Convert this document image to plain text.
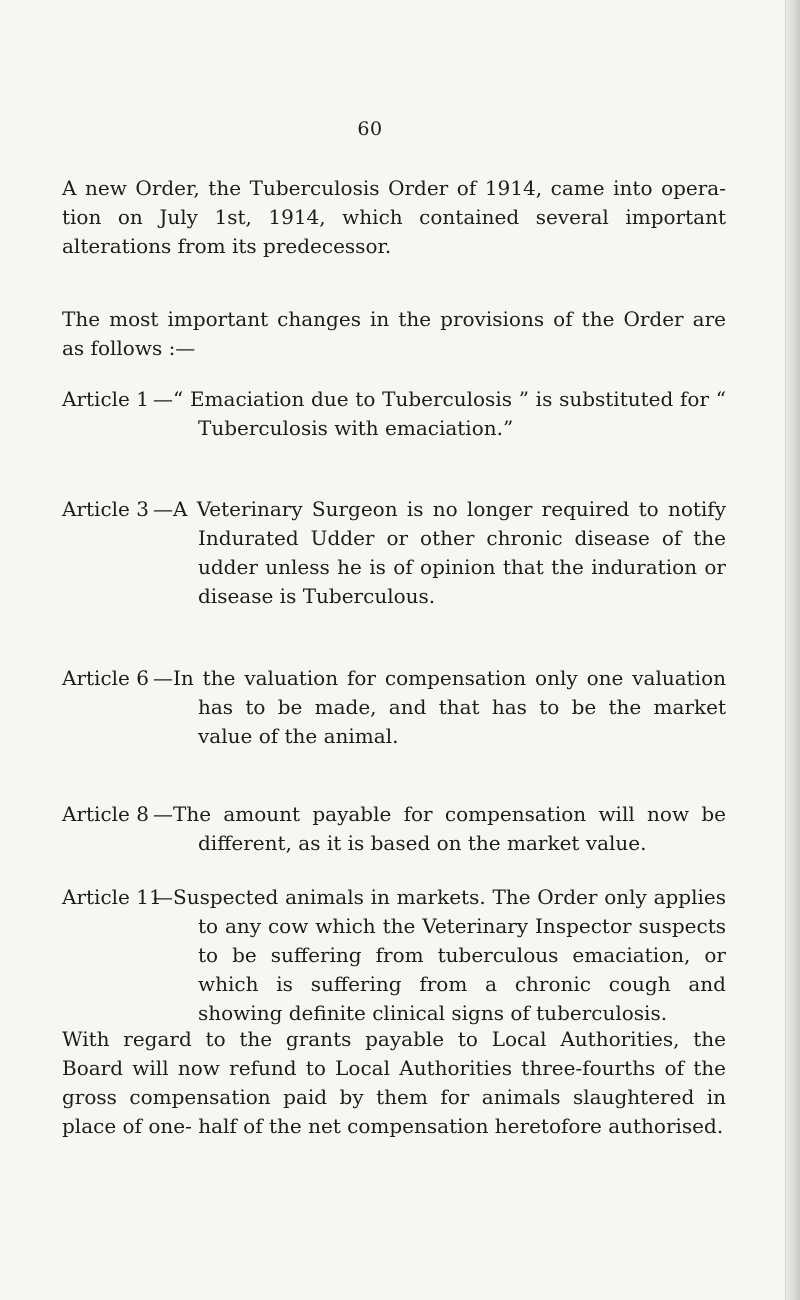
60

A new Order, the Tuberculosis Order of 1914, came into opera- tion on July 1st, 1914, which contained several important alterations from its predecessor.

The most important changes in the provisions of the Order are as follows :—

Article 1 —“ Emaciation due to Tuberculosis ” is substituted for “ Tuberculosis with emaciation.”

Article 3 —A Veterinary Surgeon is no longer required to notify Indurated Udder or other chronic disease of the udder unless he is of opinion that the induration or disease is Tuberculous.

Article 6 —In the valuation for compensation only one valuation has to be made, and that has to be the market value of the animal.

Article 8 —The amount payable for compensation will now be different, as it is based on the market value.

Article 11

—Suspected animals in markets. The Order only applies to any cow which the Veterinary Inspector suspects to be suffering from tuberculous emaciation, or which is suffering from a chronic cough and showing definite clinical signs of tuberculosis.

With regard to the grants payable to Local Authorities, the Board will now refund to Local Authorities three-fourths of the gross compensation paid by them for animals slaughtered in place of one- half of the net compensation heretofore authorised.
